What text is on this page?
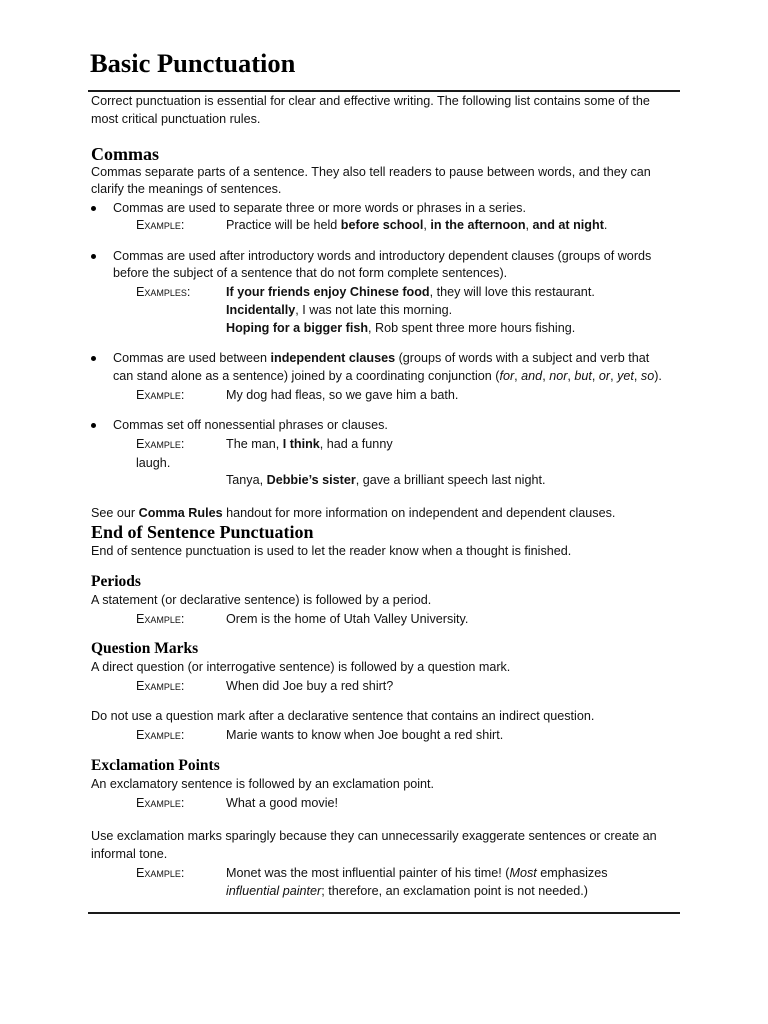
Basic Punctuation
Correct punctuation is essential for clear and effective writing. The following list contains some of the
most critical punctuation rules.
Commas
Commas separate parts of a sentence. They also tell readers to pause between words, and they can
clarify the meanings of sentences.
Commas are used to separate three or more words or phrases in a series.
Example:	Practice will be held before school, in the afternoon, and at night.
Commas are used after introductory words and introductory dependent clauses (groups of words
before the subject of a sentence that do not form complete sentences).
Examples:	If your friends enjoy Chinese food, they will love this restaurant.
Incidentally, I was not late this morning.
Hoping for a bigger fish, Rob spent three more hours fishing.
Commas are used between independent clauses (groups of words with a subject and verb that
can stand alone as a sentence) joined by a coordinating conjunction (for, and, nor, but, or, yet, so).
Example:	My dog had fleas, so we gave him a bath.
Commas set off nonessential phrases or clauses.
Example:	The man, I think, had a funny
laugh.
Tanya, Debbie’s sister, gave a brilliant speech last night.
See our Comma Rules handout for more information on independent and dependent clauses.
End of Sentence Punctuation
End of sentence punctuation is used to let the reader know when a thought is finished.
Periods
A statement (or declarative sentence) is followed by a period.
Example:	Orem is the home of Utah Valley University.
Question Marks
A direct question (or interrogative sentence) is followed by a question mark.
Example:	When did Joe buy a red shirt?
Do not use a question mark after a declarative sentence that contains an indirect question.
Example:	Marie wants to know when Joe bought a red shirt.
Exclamation Points
An exclamatory sentence is followed by an exclamation point.
Example:	What a good movie!
Use exclamation marks sparingly because they can unnecessarily exaggerate sentences or create an
informal tone.
Example:	Monet was the most influential painter of his time! (Most emphasizes
influential painter; therefore, an exclamation point is not needed.)
